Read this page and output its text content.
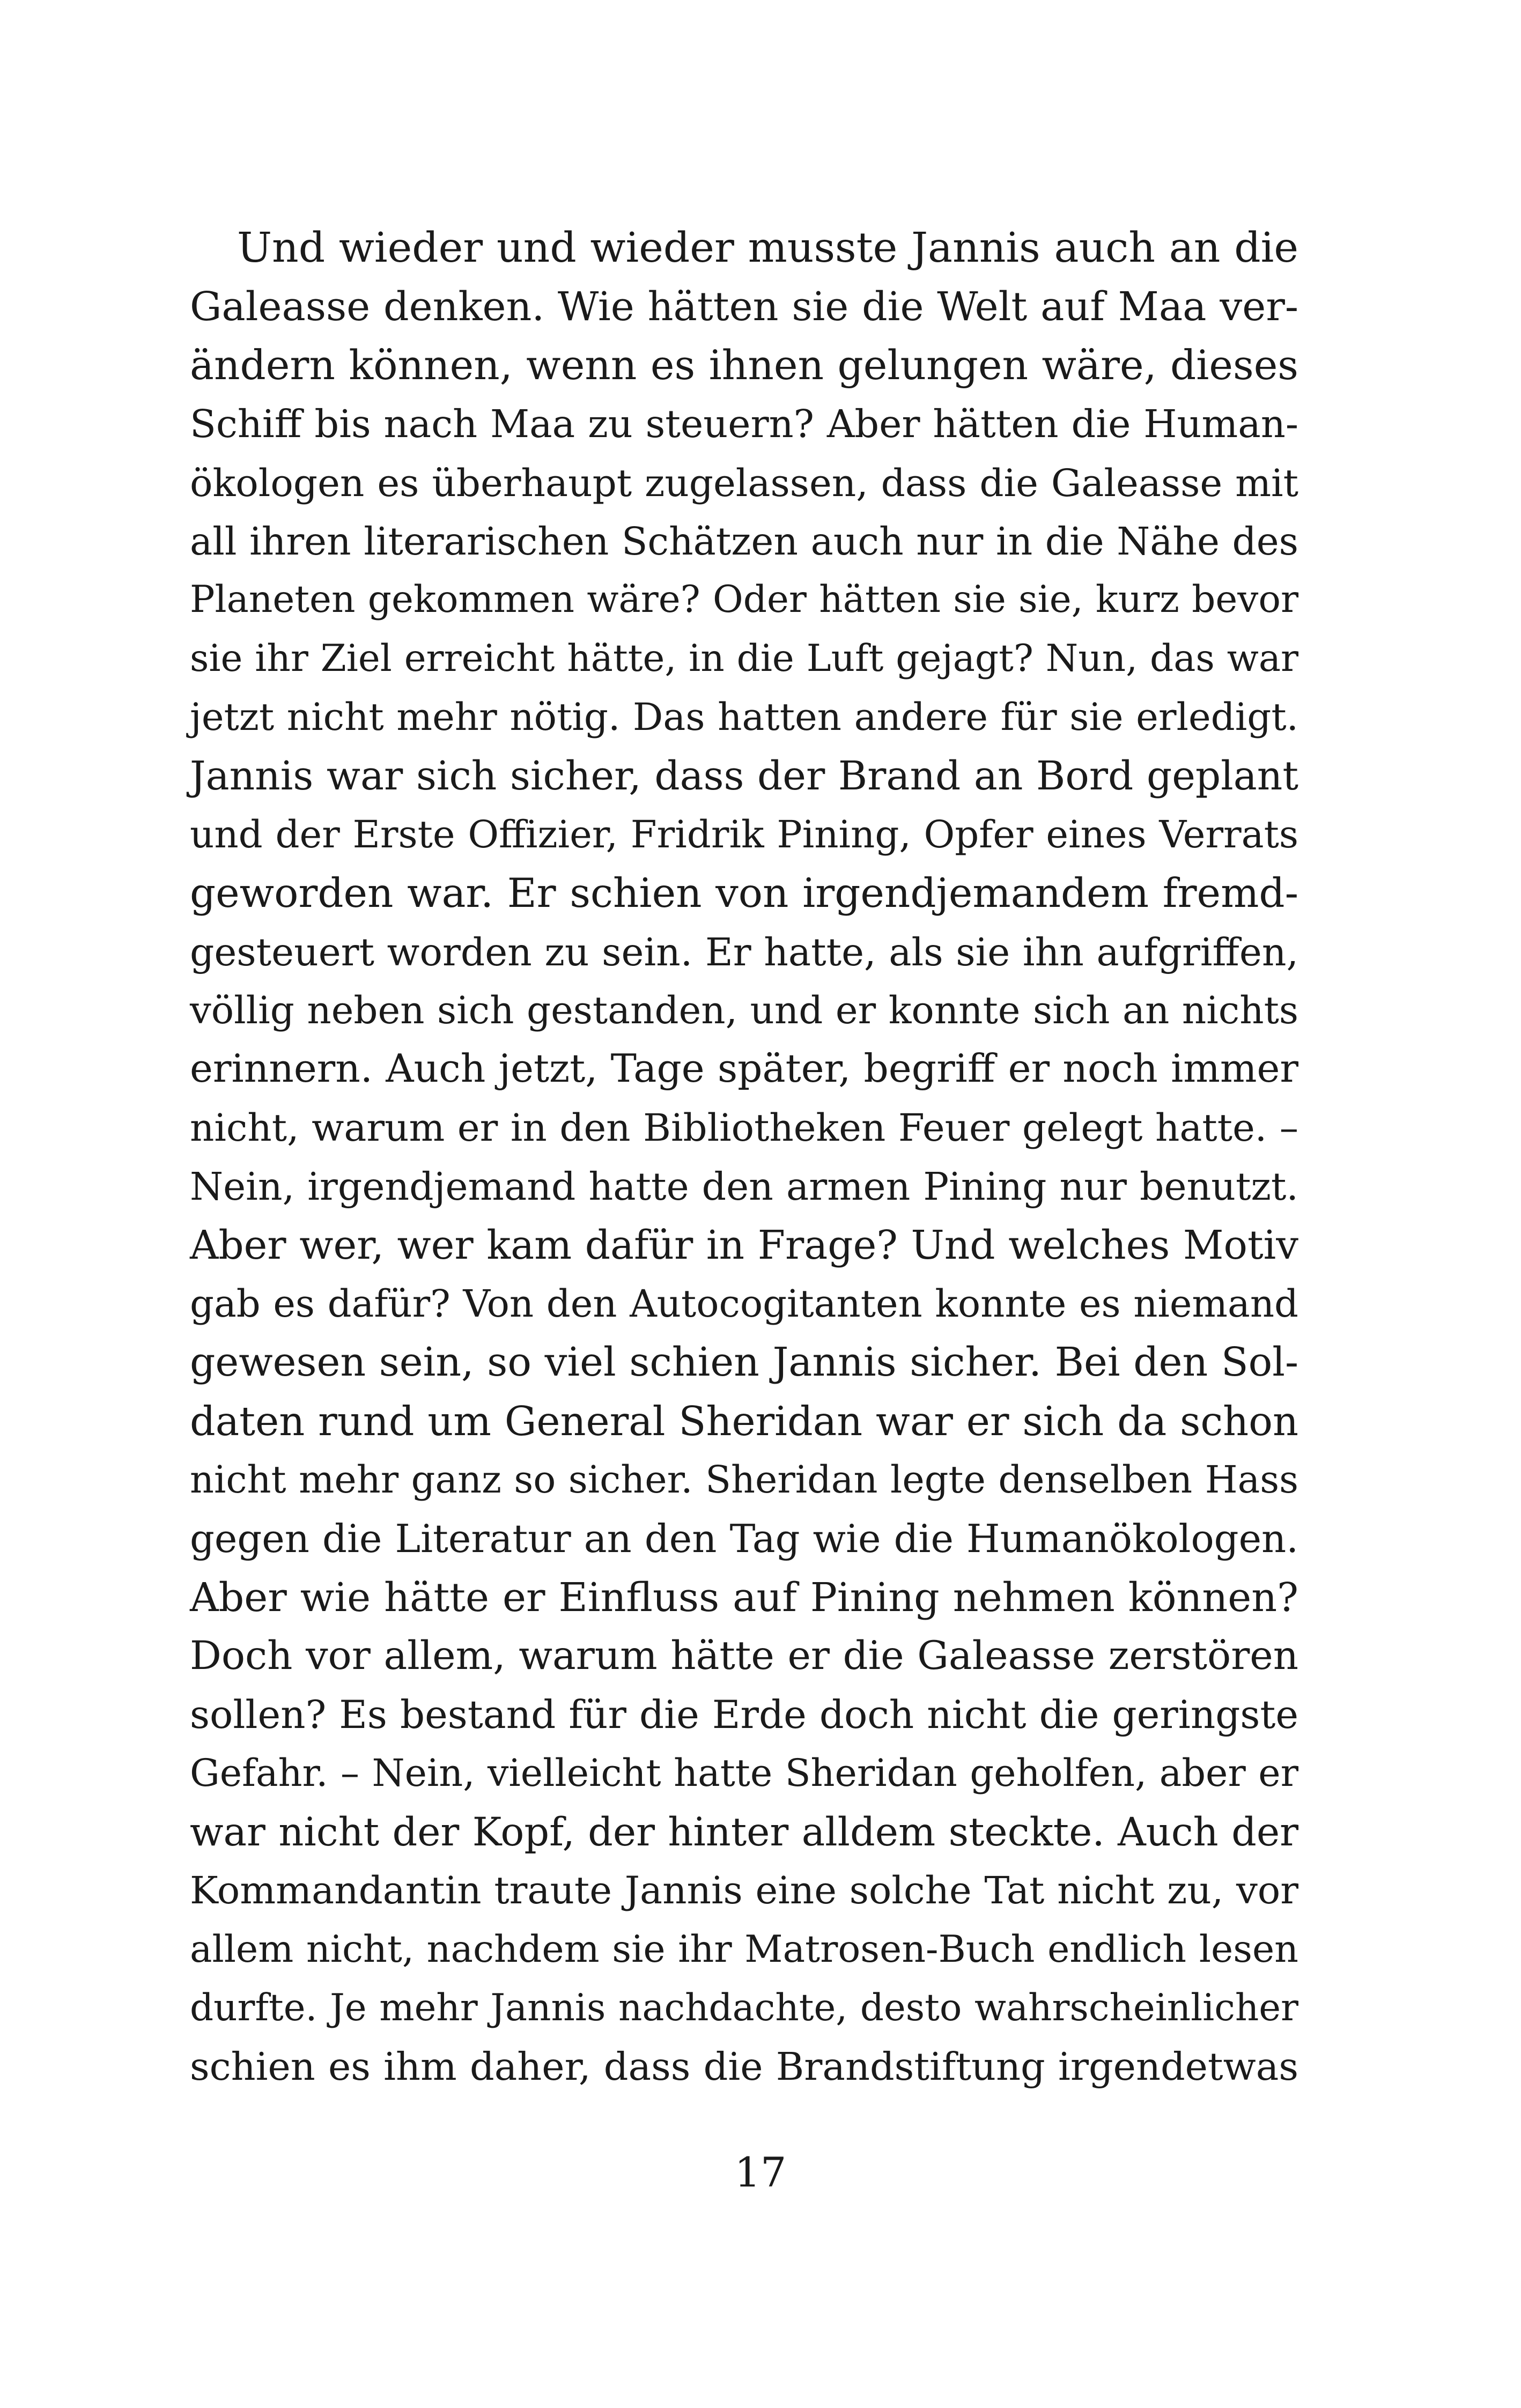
Und wieder und wieder musste Jannis auch an die
Galeasse denken. Wie hätten sie die Welt auf Maa ver-
ändern können, wenn es ihnen gelungen wäre, dieses
Schiff bis nach Maa zu steuern? Aber hätten die Human-
ökologen es überhaupt zugelassen, dass die Galeasse mit
all ihren literarischen Schätzen auch nur in die Nähe des
Planeten gekommen wäre? Oder hätten sie sie, kurz bevor
sie ihr Ziel erreicht hätte, in die Luft gejagt? Nun, das war
jetzt nicht mehr nötig. Das hatten andere für sie erledigt.
Jannis war sich sicher, dass der Brand an Bord geplant
und der Erste Offizier, Fridrik Pining, Opfer eines Verrats
geworden war. Er schien von irgendjemandem fremd-
gesteuert worden zu sein. Er hatte, als sie ihn aufgriffen,
völlig neben sich gestanden, und er konnte sich an nichts
erinnern. Auch jetzt, Tage später, begriff er noch immer
nicht, warum er in den Bibliotheken Feuer gelegt hatte. –
Nein, irgendjemand hatte den armen Pining nur benutzt.
Aber wer, wer kam dafür in Frage? Und welches Motiv
gab es dafür? Von den Autocogitanten konnte es niemand
gewesen sein, so viel schien Jannis sicher. Bei den Sol-
daten rund um General Sheridan war er sich da schon
nicht mehr ganz so sicher. Sheridan legte denselben Hass
gegen die Literatur an den Tag wie die Humanökologen.
Aber wie hätte er Einfluss auf Pining nehmen können?
Doch vor allem, warum hätte er die Galeasse zerstören
sollen? Es bestand für die Erde doch nicht die geringste
Gefahr. – Nein, vielleicht hatte Sheridan geholfen, aber er
war nicht der Kopf, der hinter alldem steckte. Auch der
Kommandantin traute Jannis eine solche Tat nicht zu, vor
allem nicht, nachdem sie ihr Matrosen-Buch endlich lesen
durfte. Je mehr Jannis nachdachte, desto wahrscheinlicher
schien es ihm daher, dass die Brandstiftung irgendetwas
17
